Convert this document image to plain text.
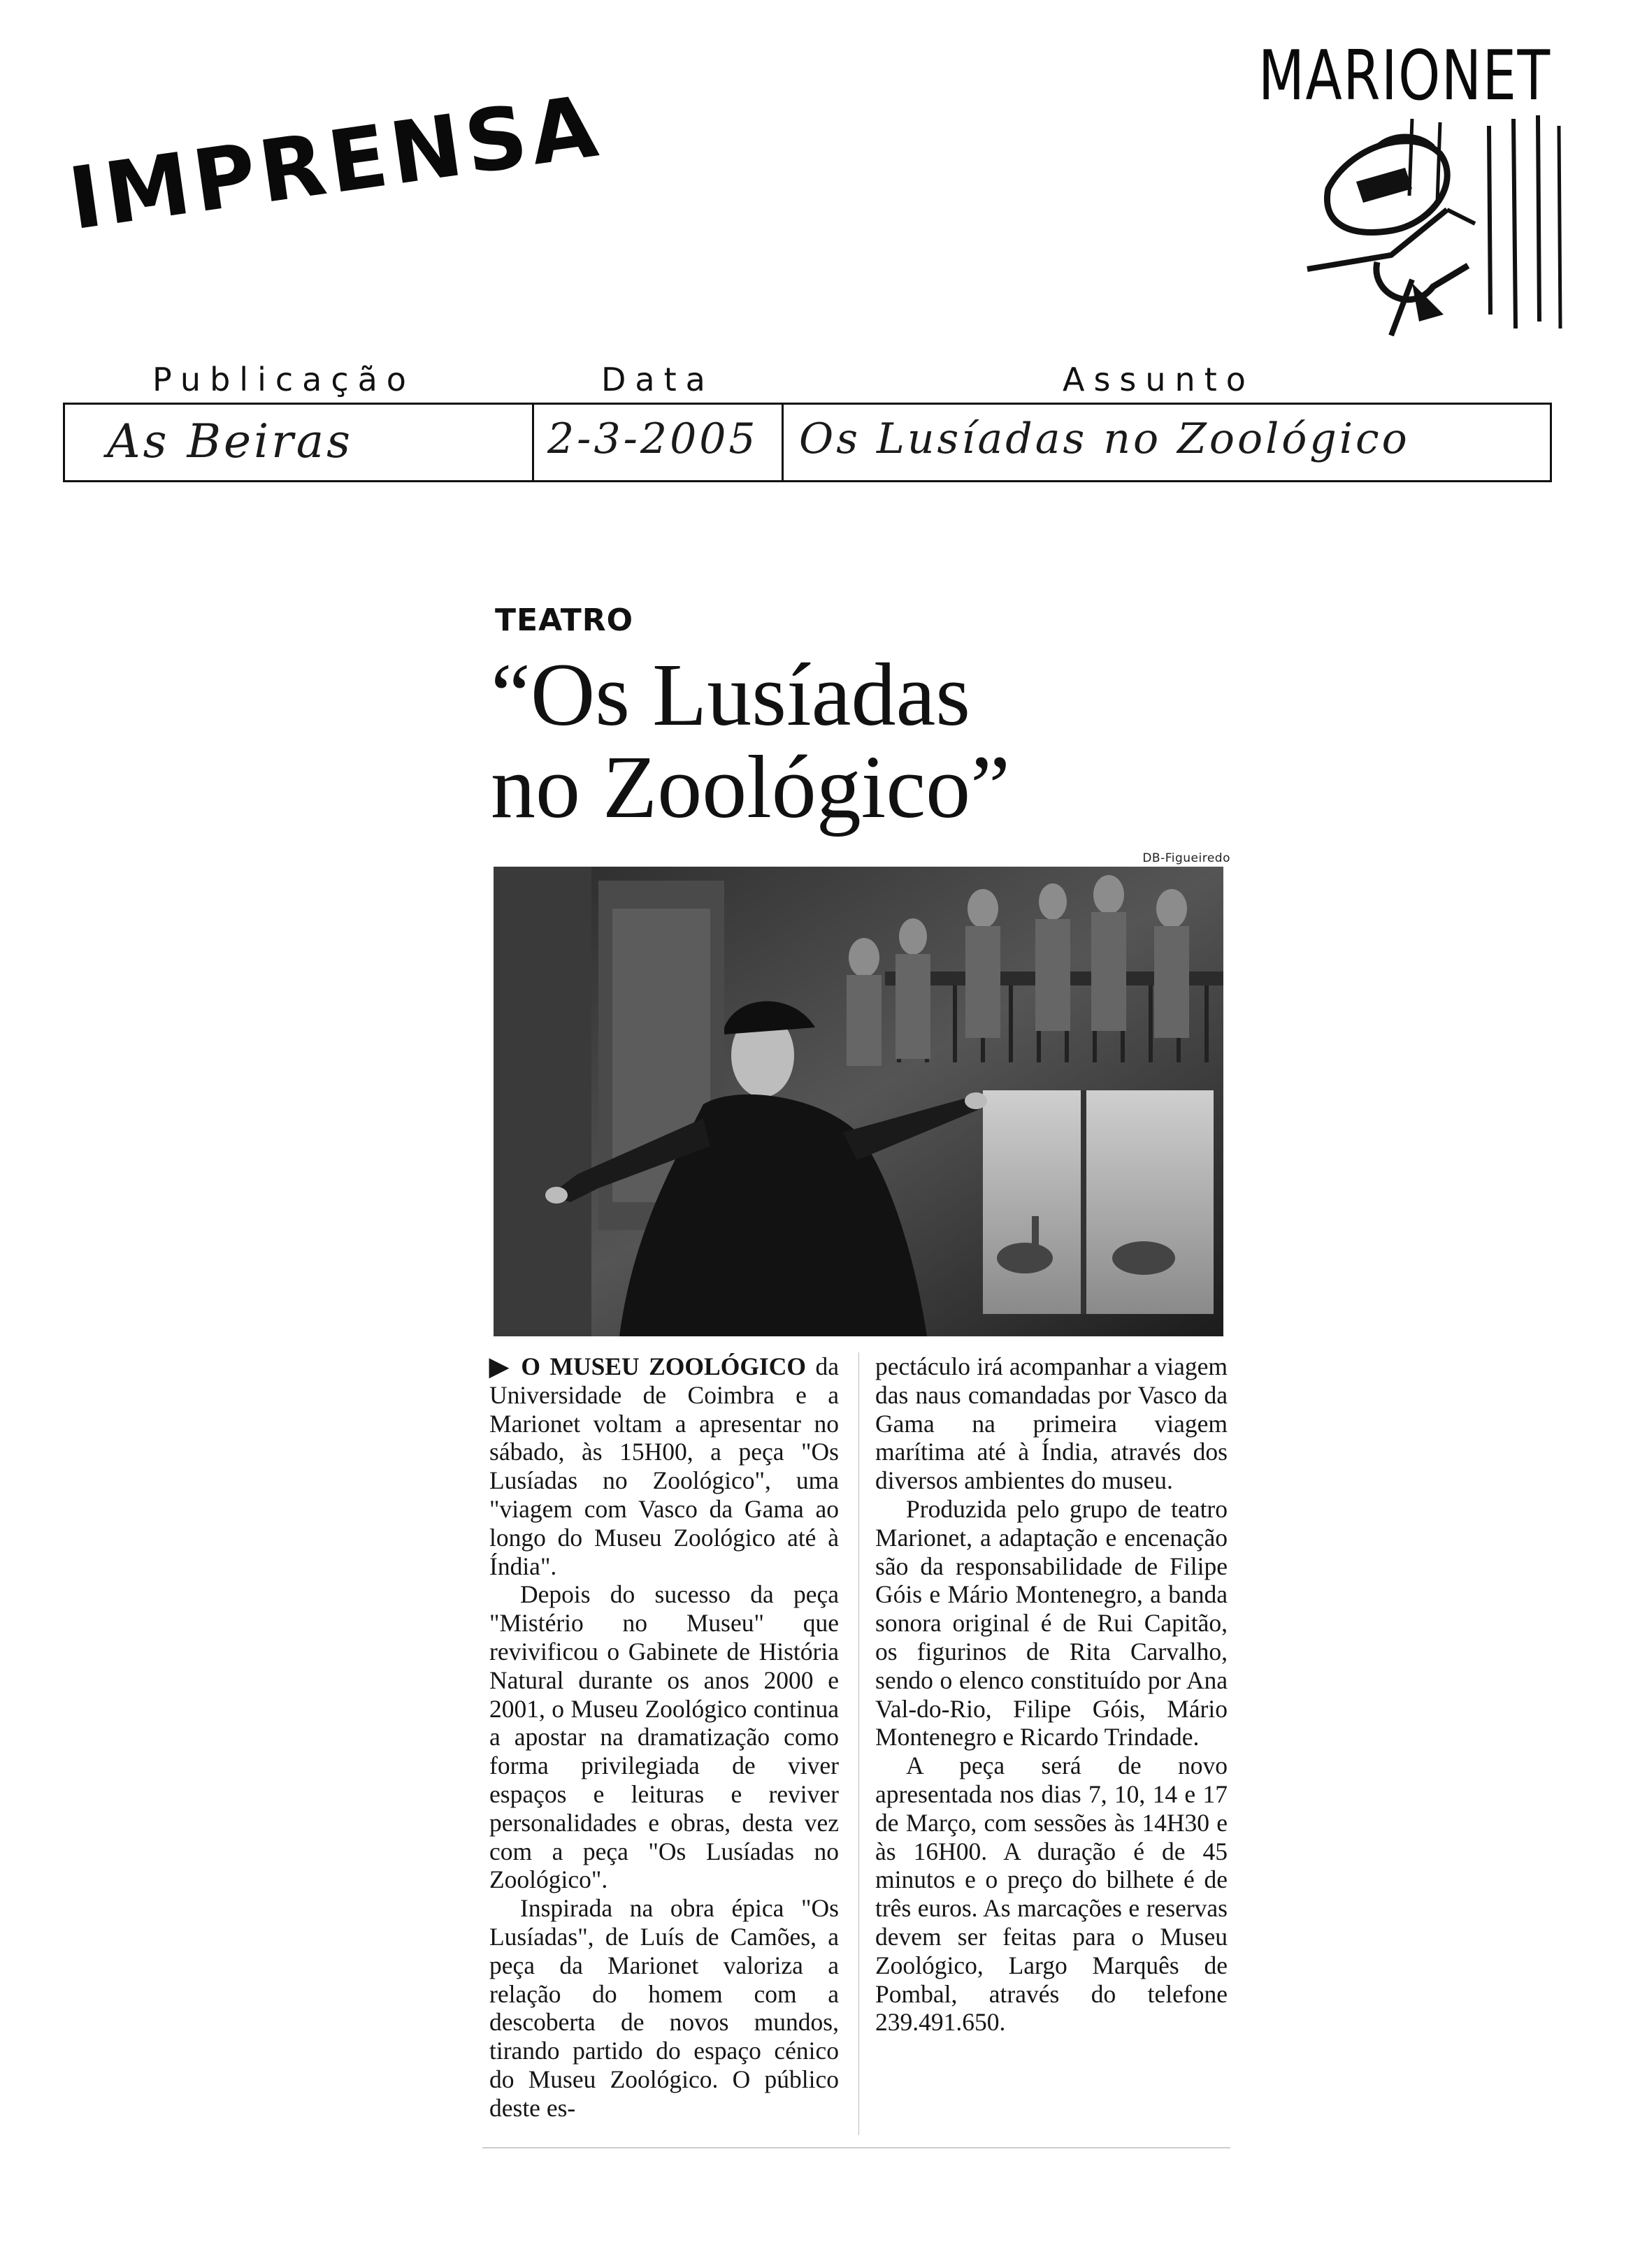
IMPRENSA
MARIONET
Publicação	Data	Assunto
As Beiras	2-3-2005 Os Lusíadas no Zoológico
TEATRO
“Os Lusíadas
no Zoológico”
DB-Figueiredo

▶ O MUSEU ZOOLÓGICO da Universidade de Coimbra e a Marionet voltam a apresentar no sábado, às 15H00, a peça "Os Lusíadas no Zoológico", uma "viagem com Vasco da Gama ao longo do Museu Zoológico até à Índia".

Depois do sucesso da peça "Mistério no Museu" que revivificou o Gabinete de História Natural durante os anos 2000 e 2001, o Museu Zoológico continua a apostar na dramatização como forma privilegiada de viver espaços e leituras e reviver personalidades e obras, desta vez com a peça "Os Lusíadas no Zoológico".

Inspirada na obra épica "Os Lusíadas", de Luís de Camões, a peça da Marionet valoriza a relação do homem com a descoberta de novos mundos, tirando partido do espaço cénico do Museu Zoológico. O público deste es-

pectáculo irá acompanhar a viagem das naus comandadas por Vasco da Gama na primeira viagem marítima até à Índia, através dos diversos ambientes do museu.

Produzida pelo grupo de teatro Marionet, a adaptação e encenação são da responsabilidade de Filipe Góis e Mário Montenegro, a banda sonora original é de Rui Capitão, os figurinos de Rita Carvalho, sendo o elenco constituído por Ana Val-do-Rio, Filipe Góis, Mário Montenegro e Ricardo Trindade.

A peça será de novo apresentada nos dias 7, 10, 14 e 17 de Março, com sessões às 14H30 e às 16H00. A duração é de 45 minutos e o preço do bilhete é de três euros. As marcações e reservas devem ser feitas para o Museu Zoológico, Largo Marquês de Pombal, através do telefone 239.491.650.
